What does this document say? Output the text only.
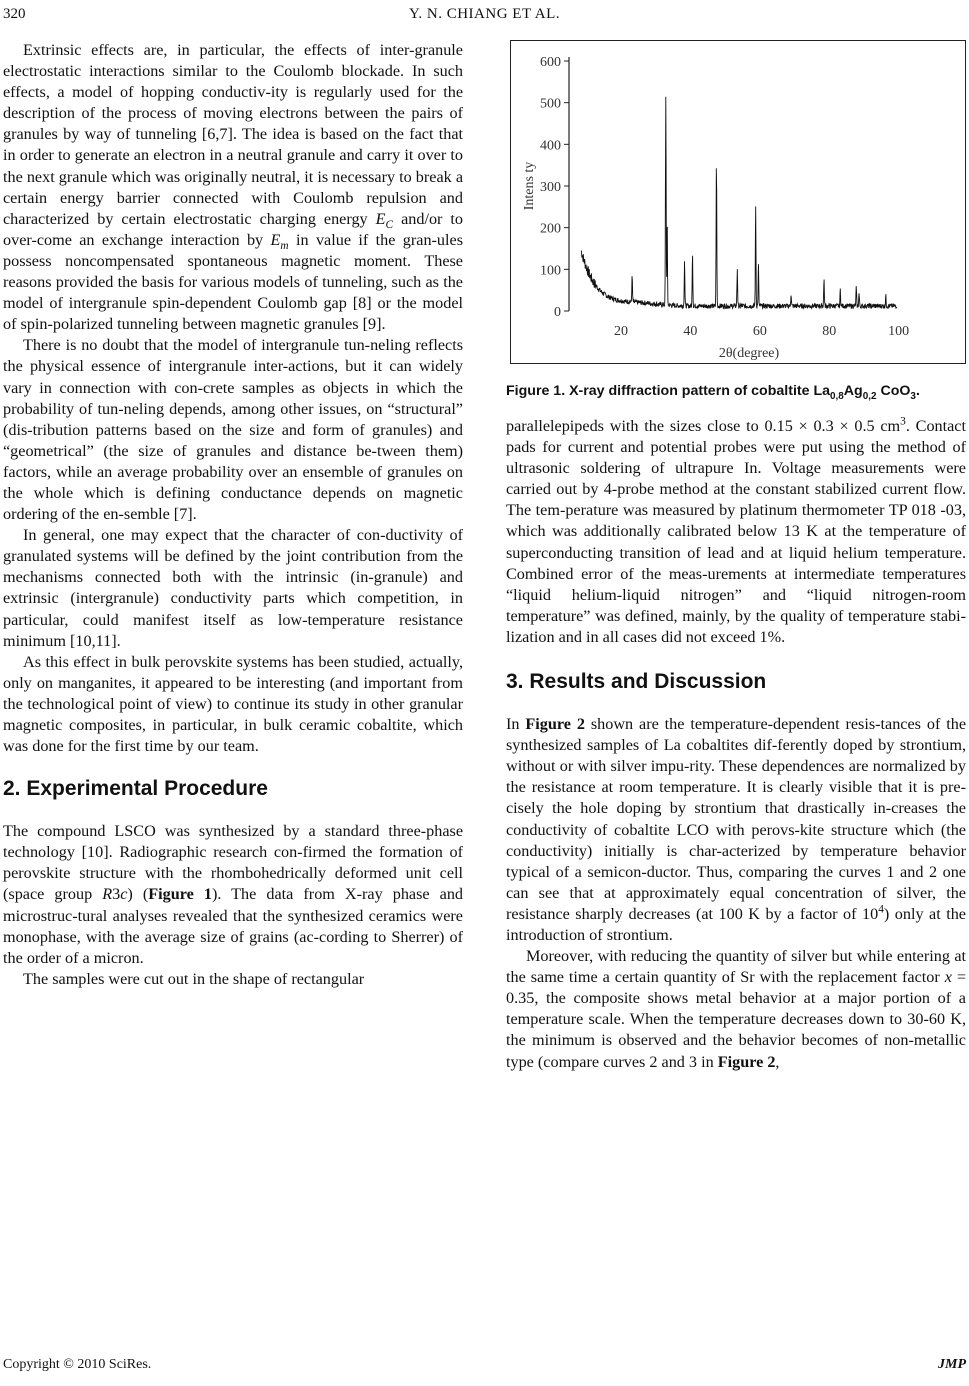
320	Y. N. CHIANG ET AL.

Extrinsic effects are, in particular, the effects of inter-granule electrostatic interactions similar to the Coulomb blockade. In such effects, a model of hopping conductiv-ity is regularly used for the description of the process of moving electrons between the pairs of granules by way of tunneling [6,7]. The idea is based on the fact that in order to generate an electron in a neutral granule and carry it over to the next granule which was originally neutral, it is necessary to break a certain energy barrier connected with Coulomb repulsion and characterized by certain electrostatic charging energy $E_C$ and/or to over-come an exchange interaction by $E_m$ in value if the gran-ules possess noncompensated spontaneous magnetic moment. These reasons provided the basis for various models of tunneling, such as the model of intergranule spin-dependent Coulomb gap [8] or the model of spin-polarized tunneling between magnetic granules [9].

There is no doubt that the model of intergranule tun-neling reflects the physical essence of intergranule inter-actions, but it can widely vary in connection with con-crete samples as objects in which the probability of tun-neling depends, among other issues, on “structural” (dis-tribution patterns based on the size and form of granules) and “geometrical” (the size of granules and distance be-tween them) factors, while an average probability over an ensemble of granules on the whole which is defining conductance depends on magnetic ordering of the en-semble [7].

In general, one may expect that the character of con-ductivity of granulated systems will be defined by the joint contribution from the mechanisms connected both with the intrinsic (in-granule) and extrinsic (intergranule) conductivity parts which competition, in particular, could manifest itself as low-temperature resistance minimum [10,11].

As this effect in bulk perovskite systems has been studied, actually, only on manganites, it appeared to be interesting (and important from the technological point of view) to continue its study in other granular magnetic composites, in particular, in bulk ceramic cobaltite, which was done for the first time by our team.

2. Experimental Procedure

The compound LSCO was synthesized by a standard three-phase technology [10]. Radiographic research con-firmed the formation of perovskite structure with the rhombohedrically deformed unit cell (space group R3c) (Figure 1). The data from X-ray phase and microstruc-tural analyses revealed that the synthesized ceramics were monophase, with the average size of grains (ac-cording to Sherrer) of the order of a micron.

The samples were cut out in the shape of rectangular

0
100
200
300
400
500
600
20	40	60	80	100
2θ(degree)
Intens ty
Figure 1. X-ray diffraction pattern of cobaltite $La_{0,8}Ag_{0,2}$ CoO$_3$.

parallelepipeds with the sizes close to 0.15 × 0.3 × 0.5 $cm^3$. Contact pads for current and potential probes were put using the method of ultrasonic soldering of ultrapure In. Voltage measurements were carried out by 4-probe method at the constant stabilized current flow. The tem-perature was measured by platinum thermometer TP 018 -03, which was additionally calibrated below 13 K at the temperature of superconducting transition of lead and at liquid helium temperature. Combined error of the meas-urements at intermediate temperatures “liquid helium-liquid nitrogen” and “liquid nitrogen-room temperature” was defined, mainly, by the quality of temperature stabi-lization and in all cases did not exceed 1%.

3. Results and Discussion

In Figure 2 shown are the temperature-dependent resis-tances of the synthesized samples of La cobaltites dif-ferently doped by strontium, without or with silver impu-rity. These dependences are normalized by the resistance at room temperature. It is clearly visible that it is pre-cisely the hole doping by strontium that drastically in-creases the conductivity of cobaltite LCO with perovs-kite structure which (the conductivity) initially is char-acterized by temperature behavior typical of a semicon-ductor. Thus, comparing the curves 1 and 2 one can see that at approximately equal concentration of silver, the resistance sharply decreases (at 100 K by a factor of $10^4$) only at the introduction of strontium.

Moreover, with reducing the quantity of silver but while entering at the same time a certain quantity of Sr with the replacement factor x = 0.35, the composite shows metal behavior at a major portion of a temperature scale. When the temperature decreases down to 30-60 K, the minimum is observed and the behavior becomes of non-metallic type (compare curves 2 and 3 in Figure 2,

Copyright © 2010 SciRes.	JMP
